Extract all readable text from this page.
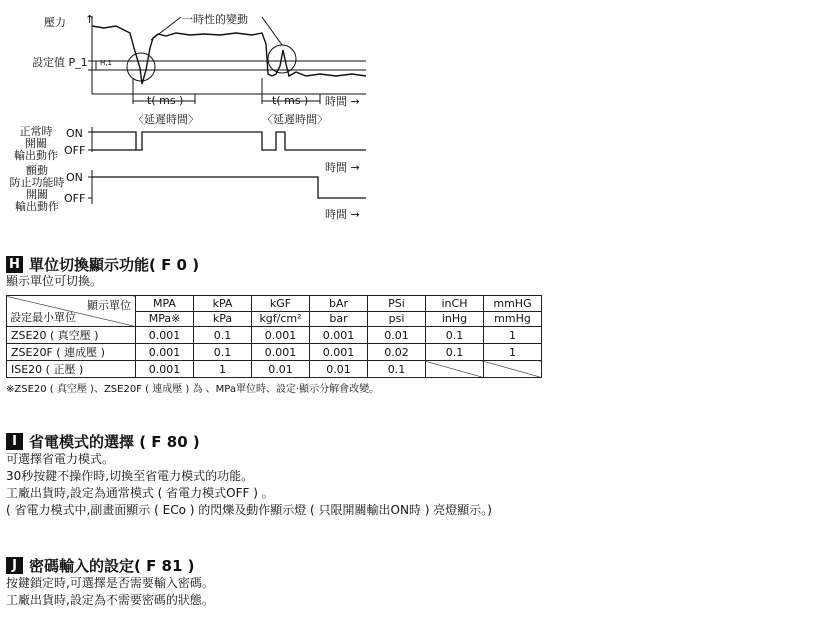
壓力 ↑	一時性的變動
設定值 P_1 H,1
t( ms )
〈延遲時間〉
t( ms )
〈延遲時間〉
時間 →
正常時
開關
輸出動作
ON
OFF
時間 →
顫動
防止功能時
開關
輸出動作
ON
OFF
時間 →
H 單位切換顯示功能( F 0 )
顯示單位可切換。
顯示單位
設定最小單位	MPA	kPA	kGF	bAr	PSi	inCH	mmHG
	MPa※	kPa	kgf/cm²	bar	psi	inHg	mmHg
ZSE20 ( 真空壓 )	0.001	0.1	0.001	0.001	0.01	0.1	1
ZSE20F ( 連成壓 )	0.001	0.1	0.001	0.001	0.02	0.1	1
ISE20 ( 正壓 )	0.001	1	0.01	0.01	0.1		
※ZSE20 ( 真空壓 )、ZSE20F ( 連成壓 ) 為 、MPa單位時、設定·顯示分解會改變。
I 省電模式的選擇 ( F 80 )
可選擇省電力模式。
30秒按鍵不操作時,切換至省電力模式的功能。
工廠出貨時,設定為通常模式 ( 省電力模式OFF ) 。
( 省電力模式中,副畫面顯示 ( ECo ) 的閃爍及動作顯示燈 ( 只限開關輸出ON時 ) 亮燈顯示。)
J 密碼輸入的設定( F 81 )
按鍵鎖定時,可選擇是否需要輸入密碼。
工廠出貨時,設定為不需要密碼的狀態。
